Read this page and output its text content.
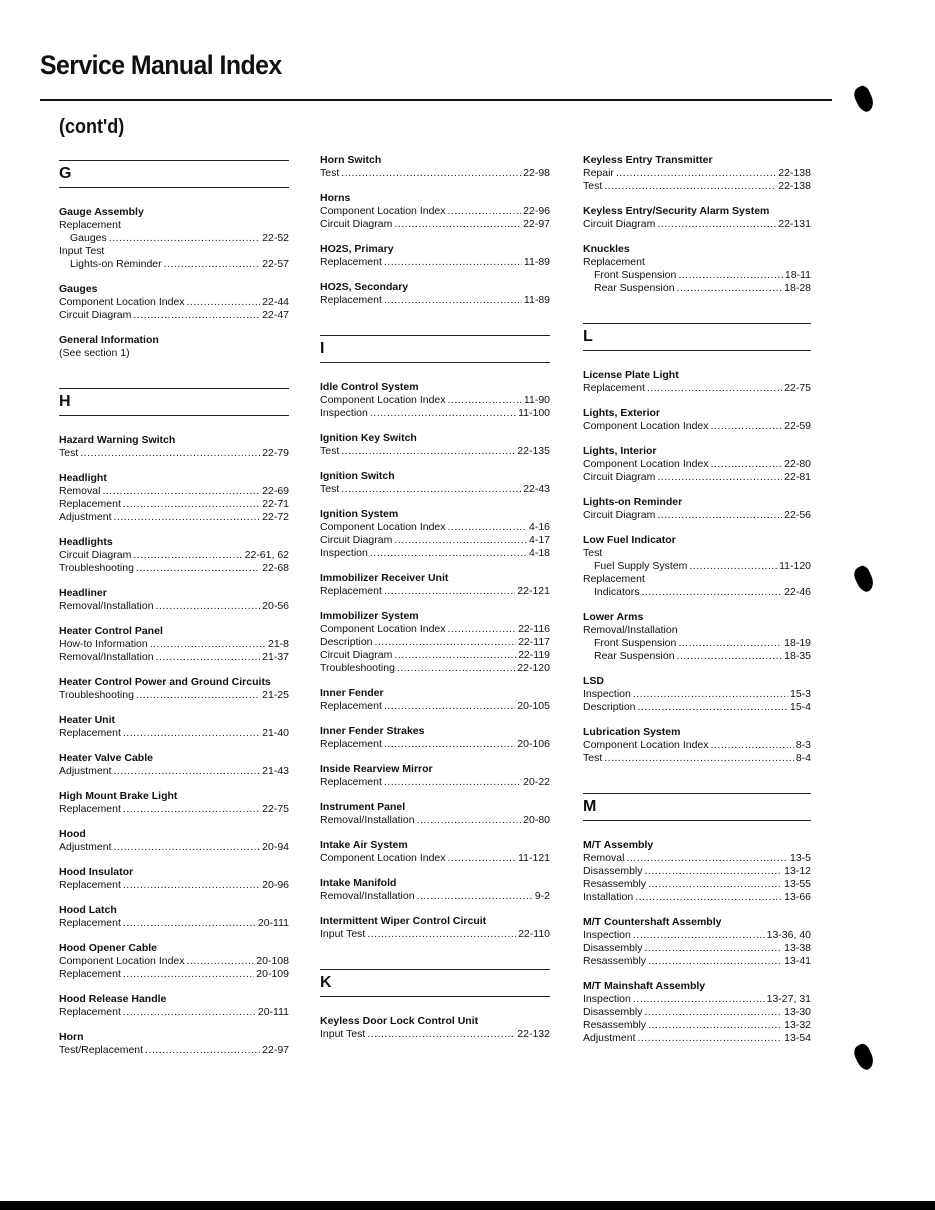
Service Manual Index
(cont'd)
G
Gauge Assembly
Replacement
Gauges .....	22-52
Input Test
Lights-on Reminder .....	22-57
Gauges
Component Location Index .....	22-44
Circuit Diagram .....	22-47
General Information
(See section 1)
H
Hazard Warning Switch
Test .....	22-79
Headlight
Removal .....	22-69
Replacement .....	22-71
Adjustment .....	22-72
Headlights
Circuit Diagram .....	22-61, 62
Troubleshooting .....	22-68
Headliner
Removal/Installation .....	20-56
Heater Control Panel
How-to Information .....	21-8
Removal/Installation .....	21-37
Heater Control Power and Ground Circuits
Troubleshooting .....	21-25
Heater Unit
Replacement .....	21-40
Heater Valve Cable
Adjustment .....	21-43
High Mount Brake Light
Replacement .....	22-75
Hood
Adjustment .....	20-94
Hood Insulator
Replacement .....	20-96
Hood Latch
Replacement .....	20-111
Hood Opener Cable
Component Location Index .....	20-108
Replacement .....	20-109
Hood Release Handle
Replacement .....	20-111
Horn
Test/Replacement .....	22-97
Horn Switch
Test .....	22-98
Horns
Component Location Index .....	22-96
Circuit Diagram .....	22-97
HO2S, Primary
Replacement .....	11-89
HO2S, Secondary
Replacement .....	11-89
I
Idle Control System
Component Location Index .....	11-90
Inspection .....	11-100
Ignition Key Switch
Test .....	22-135
Ignition Switch
Test .....	22-43
Ignition System
Component Location Index .....	4-16
Circuit Diagram .....	4-17
Inspection .....	4-18
Immobilizer Receiver Unit
Replacement .....	22-121
Immobilizer System
Component Location Index .....	22-116
Description .....	22-117
Circuit Diagram .....	22-119
Troubleshooting .....	22-120
Inner Fender
Replacement .....	20-105
Inner Fender Strakes
Replacement .....	20-106
Inside Rearview Mirror
Replacement .....	20-22
Instrument Panel
Removal/Installation .....	20-80
Intake Air System
Component Location Index .....	11-121
Intake Manifold
Removal/Installation .....	9-2
Intermittent Wiper Control Circuit
Input Test .....	22-110
K
Keyless Door Lock Control Unit
Input Test .....	22-132
Keyless Entry Transmitter
Repair .....	22-138
Test .....	22-138
Keyless Entry/Security Alarm System
Circuit Diagram .....	22-131
Knuckles
Replacement
Front Suspension .....	18-11
Rear Suspension .....	18-28
L
License Plate Light
Replacement .....	22-75
Lights, Exterior
Component Location Index .....	22-59
Lights, Interior
Component Location Index .....	22-80
Circuit Diagram .....	22-81
Lights-on Reminder
Circuit Diagram .....	22-56
Low Fuel Indicator
Test
Fuel Supply System .....	11-120
Replacement
Indicators .....	22-46
Lower Arms
Removal/Installation
Front Suspension .....	18-19
Rear Suspension .....	18-35
LSD
Inspection .....	15-3
Description .....	15-4
Lubrication System
Component Location Index .....	8-3
Test .....	8-4
M
M/T Assembly
Removal .....	13-5
Disassembly .....	13-12
Resassembly .....	13-55
Installation .....	13-66
M/T Countershaft Assembly
Inspection .....	13-36, 40
Disassembly .....	13-38
Resassembly .....	13-41
M/T Mainshaft Assembly
Inspection .....	13-27, 31
Disassembly .....	13-30
Resassembly .....	13-32
Adjustment .....	13-54
